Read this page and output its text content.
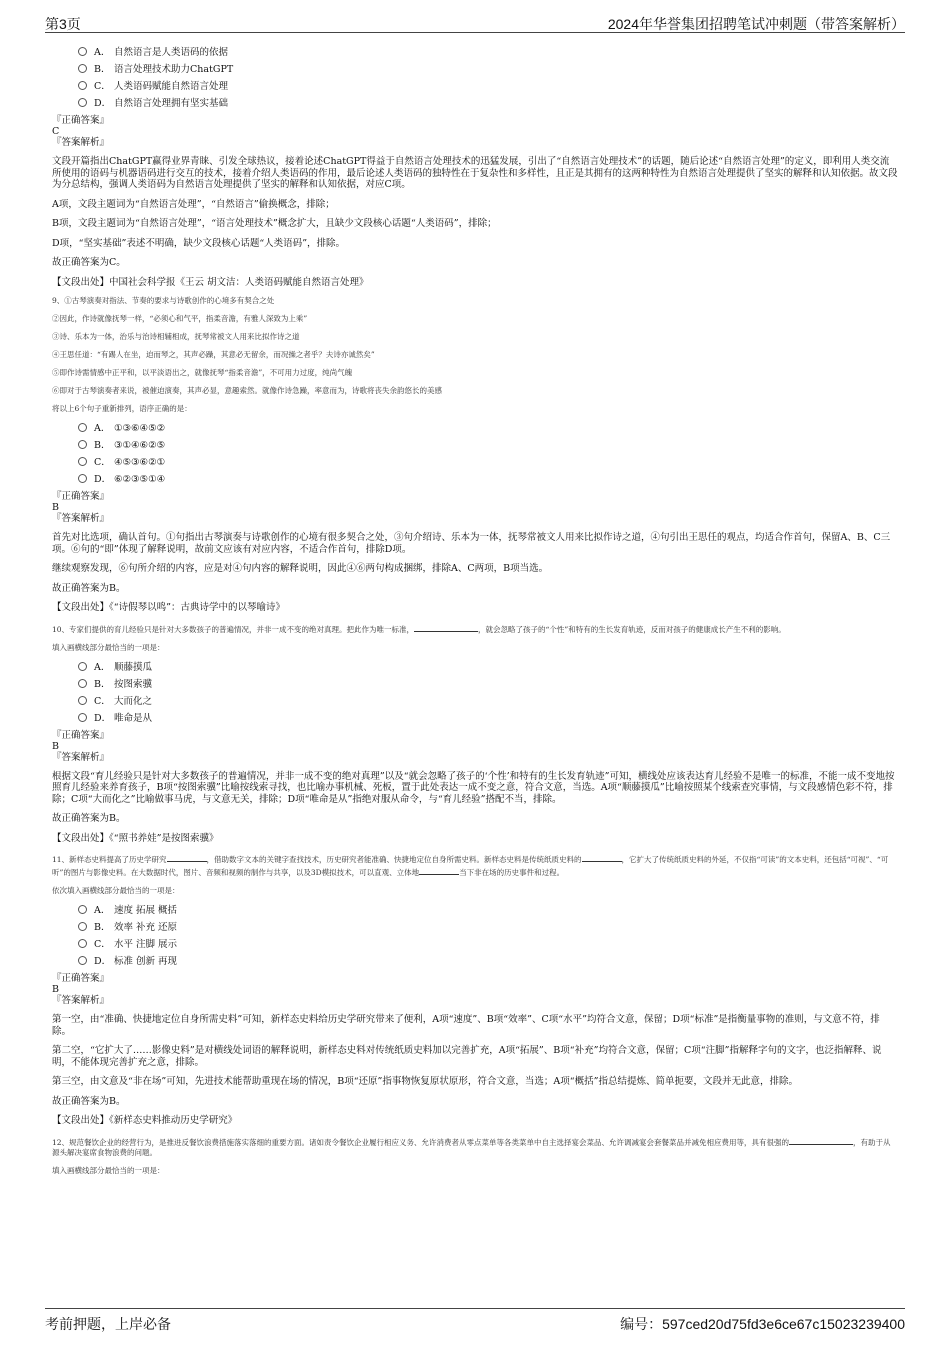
第3页	2024年华誉集团招聘笔试冲刺题（带答案解析）
A． 自然语言是人类语码的依据
B． 语言处理技术助力ChatGPT
C． 人类语码赋能自然语言处理
D． 自然语言处理拥有坚实基础
『正确答案』
C
『答案解析』
文段开篇指出ChatGPT赢得业界青睐、引发全球热议，接着论述ChatGPT得益于自然语言处理技术的迅猛发展，引出了“自然语言处理技术”的话题，随后论述“自然语言处理”的定义，即利用人类交流所使用的语码与机器语码进行交互的技术，接着介绍人类语码的作用，最后论述人类语码的独特性在于复杂性和多样性，且正是其拥有的这两种特性为自然语言处理提供了坚实的解释和认知依据。故文段为分总结构，强调人类语码为自然语言处理提供了坚实的解释和认知依据，对应C项。
A项，文段主题词为“自然语言处理”，“自然语言”偷换概念，排除；
B项，文段主题词为“自然语言处理”，“语言处理技术”概念扩大，且缺少文段核心话题“人类语码”，排除；
D项，“坚实基础”表述不明确，缺少文段核心话题“人类语码”，排除。
故正确答案为C。
【文段出处】中国社会科学报《王云 胡文洁：人类语码赋能自然语言处理》
9、①古琴演奏对指法、节奏的要求与诗歌创作的心境多有契合之处
②因此，作诗就像抚琴一样，“必须心和气平，指柔音澹，有雅人深致为上乘”
③诗、乐本为一体，治乐与治诗相辅相成，抚琴常被文人用来比拟作诗之道
④王思任道：“有踢人在坐，迫而琴之，其声必躁，其意必无留余，而况操之者乎？夫诗亦诚然矣”
⑤即作诗需情感中正平和，以平淡语出之，就像抚琴“指柔音澹”，不可用力过度，纯尚气魄
⑥即对于古琴演奏者来说，被催迫演奏，其声必显，意趣索然。就像作诗急躁，率意而为，诗歌将丧失余韵悠长的美感
将以上6个句子重新排列，语序正确的是：
A． ①③⑥④⑤②
B． ③①④⑥②⑤
C． ④⑤③⑥②①
D． ⑥②③⑤①④
『正确答案』
B
『答案解析』
首先对比选项，确认首句。①句指出古琴演奏与诗歌创作的心境有很多契合之处，③句介绍诗、乐本为一体，抚琴常被文人用来比拟作诗之道，④句引出王思任的观点，均适合作首句，保留A、B、C三项。⑥句的“即”体现了解释说明，故前文应该有对应内容，不适合作首句，排除D项。
继续观察发现，⑥句所介绍的内容，应是对④句内容的解释说明，因此④⑥两句构成捆绑，排除A、C两项，B项当选。
故正确答案为B。
【文段出处】《“诗假琴以鸣”：古典诗学中的以琴喻诗》
10、专家们提供的育儿经验只是针对大多数孩子的普遍情况，并非一成不变的绝对真理。把此作为唯一标准，	，就会忽略了孩子的“个性”和特有的生长发育轨迹，反而对孩子的健康成长产生不利的影响。
填入画横线部分最恰当的一项是：
A． 顺藤摸瓜
B． 按图索骥
C． 大而化之
D． 唯命是从
『正确答案』
B
『答案解析』
根据文段“育儿经验只是针对大多数孩子的普遍情况，并非一成不变的绝对真理”以及“就会忽略了孩子的‘个性’和特有的生长发育轨迹”可知，横线处应该表达育儿经验不是唯一的标准，不能一成不变地按照育儿经验来养育孩子，B项“按图索骥”比喻按线索寻找，也比喻办事机械、死板，置于此处表达一成不变之意，符合文意，当选。A项“顺藤摸瓜”比喻按照某个线索查究事情，与文段感情色彩不符，排除；C项“大而化之”比喻做事马虎，与文意无关，排除；D项“唯命是从”指绝对服从命令，与“育儿经验”搭配不当，排除。
故正确答案为B。
【文段出处】《“照书养娃”是按图索骥》
11、新样态史料提高了历史学研究	，借助数字文本的关键字查找技术，历史研究者能准确、快捷地定位自身所需史料。新样态史料是传统纸质史料的	，它扩大了传统纸质史料的外延，不仅指“可读”的文本史料，还包括“可视”、“可听”的图片与影像史料。在大数据时代，图片、音频和视频的制作与共享，以及3D模拟技术，可以直观、立体地	当下非在场的历史事件和过程。
依次填入画横线部分最恰当的一项是：
A． 速度 拓展 概括
B． 效率 补充 还原
C． 水平 注脚 展示
D． 标准 创新 再现
『正确答案』
B
『答案解析』
第一空，由“准确、快捷地定位自身所需史料”可知，新样态史料给历史学研究带来了便利，A项“速度”、B项“效率”、C项“水平”均符合文意，保留；D项“标准”是指衡量事物的准则，与文意不符，排除。
第二空，“它扩大了……影像史料”是对横线处词语的解释说明，新样态史料对传统纸质史料加以完善扩充，A项“拓展”、B项“补充”均符合文意，保留；C项“注脚”指解释字句的文字，也泛指解释、说明，不能体现完善扩充之意，排除。
第三空，由文意及“非在场”可知，先进技术能帮助重现在场的情况，B项“还原”指事物恢复原状原形，符合文意，当选；A项“概括”指总结提炼、简单扼要，文段并无此意，排除。
故正确答案为B。
【文段出处】《新样态史料推动历史学研究》
12、规范餐饮企业的经营行为，是推进反餐饮浪费措施落实落细的重要方面。诸如责令餐饮企业履行相应义务、允许消费者从零点菜单等各类菜单中自主选择宴会菜品、允许调减宴会套餐菜品并减免相应费用等，具有很强的	，有助于从源头解决宴席食物浪费的问题。
填入画横线部分最恰当的一项是：
考前押题，上岸必备	编号：597ced20d75fd3e6ce67c15023239400
